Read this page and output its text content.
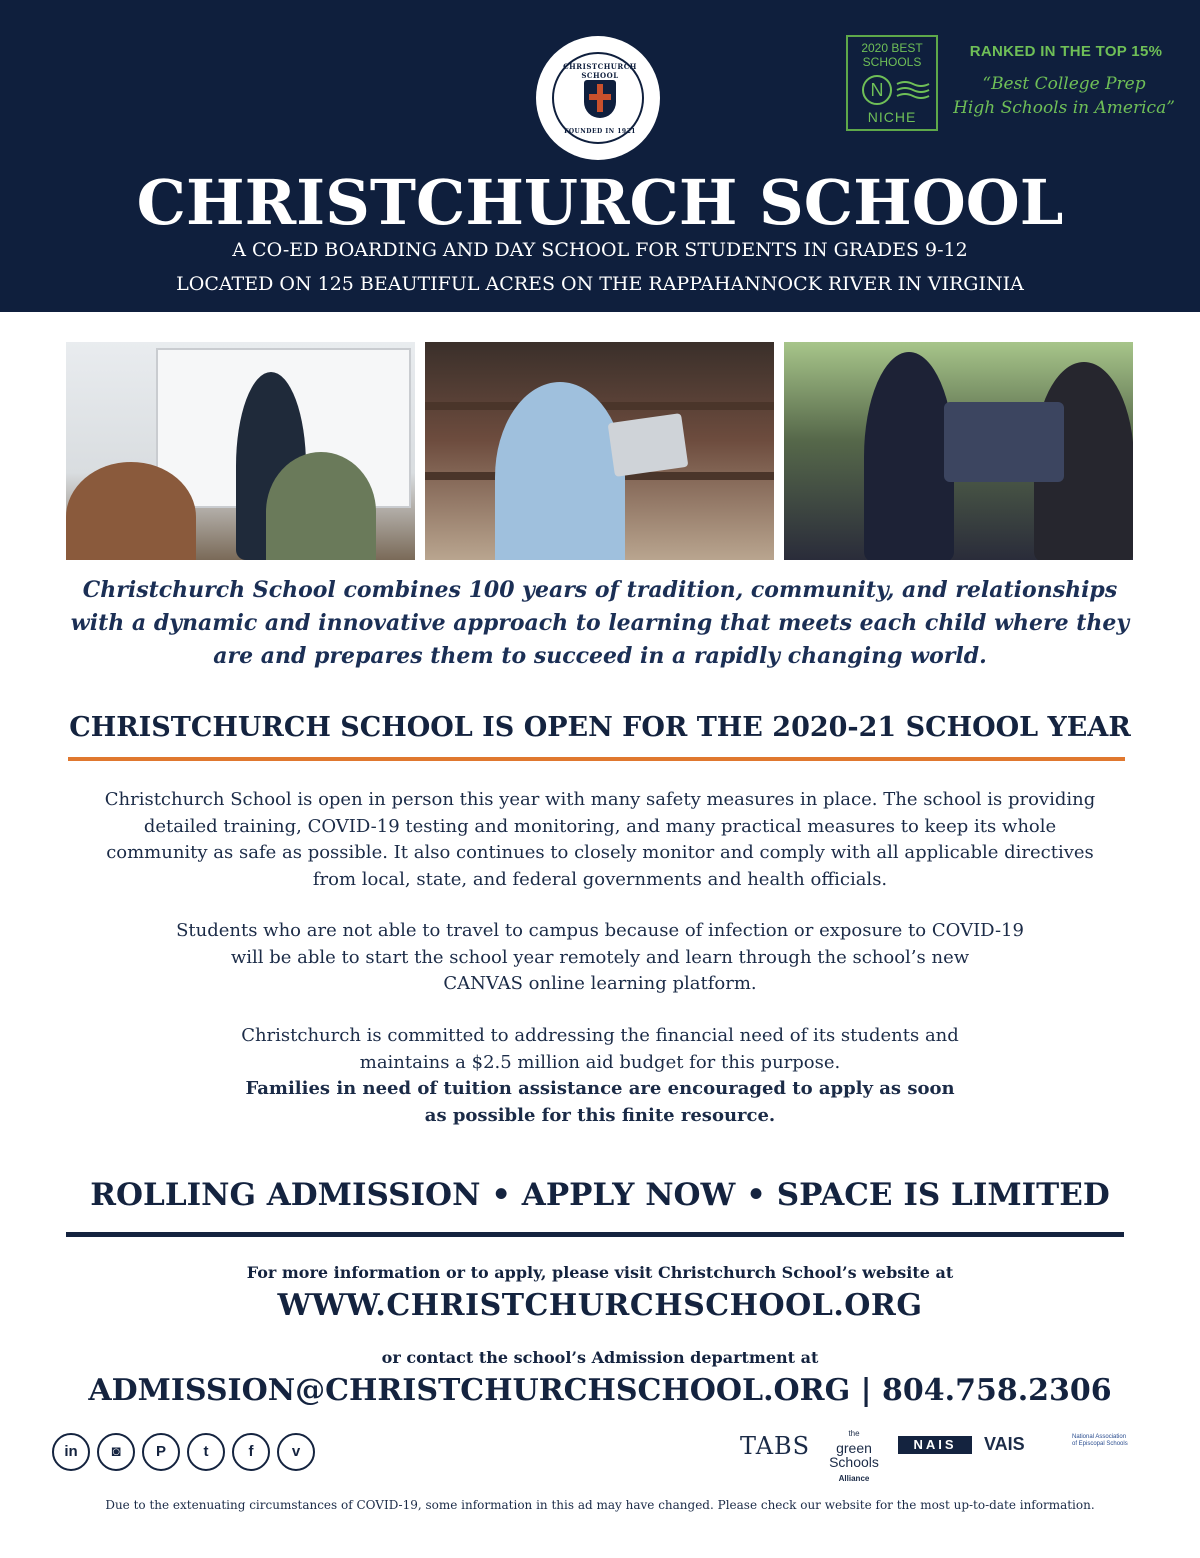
CHRISTCHURCH SCHOOL
FOUNDED IN 1921
2020 BEST
SCHOOLS
N
NICHE
RANKED IN THE TOP 15%
“Best College Prep
High Schools in America”
CHRISTCHURCH SCHOOL
A CO-ED BOARDING AND DAY SCHOOL FOR STUDENTS IN GRADES 9-12
LOCATED ON 125 BEAUTIFUL ACRES ON THE RAPPAHANNOCK RIVER IN VIRGINIA
Christchurch School combines 100 years of tradition, community, and relationships
with a dynamic and innovative approach to learning that meets each child where they
are and prepares them to succeed in a rapidly changing world.
CHRISTCHURCH SCHOOL IS OPEN FOR THE 2020-21 SCHOOL YEAR
Christchurch School is open in person this year with many safety measures in place. The school is providing
detailed training, COVID-19 testing and monitoring, and many practical measures to keep its whole
community as safe as possible. It also continues to closely monitor and comply with all applicable directives
from local, state, and federal governments and health officials.
Students who are not able to travel to campus because of infection or exposure to COVID-19
will be able to start the school year remotely and learn through the school’s new
CANVAS online learning platform.
Christchurch is committed to addressing the financial need of its students and
maintains a $2.5 million aid budget for this purpose.
Families in need of tuition assistance are encouraged to apply as soon
as possible for this finite resource.
ROLLING ADMISSION • APPLY NOW • SPACE IS LIMITED
For more information or to apply, please visit Christchurch School’s website at
WWW.CHRISTCHURCHSCHOOL.ORG
or contact the school’s Admission department at
ADMISSION@CHRISTCHURCHSCHOOL.ORG | 804.758.2306
in	◙	P	t	f	v	TABS	the
green
Schools
Alliance
NAIS	VAIS	National Association
of Episcopal Schools
Due to the extenuating circumstances of COVID-19, some information in this ad may have changed. Please check our website for the most up-to-date information.
